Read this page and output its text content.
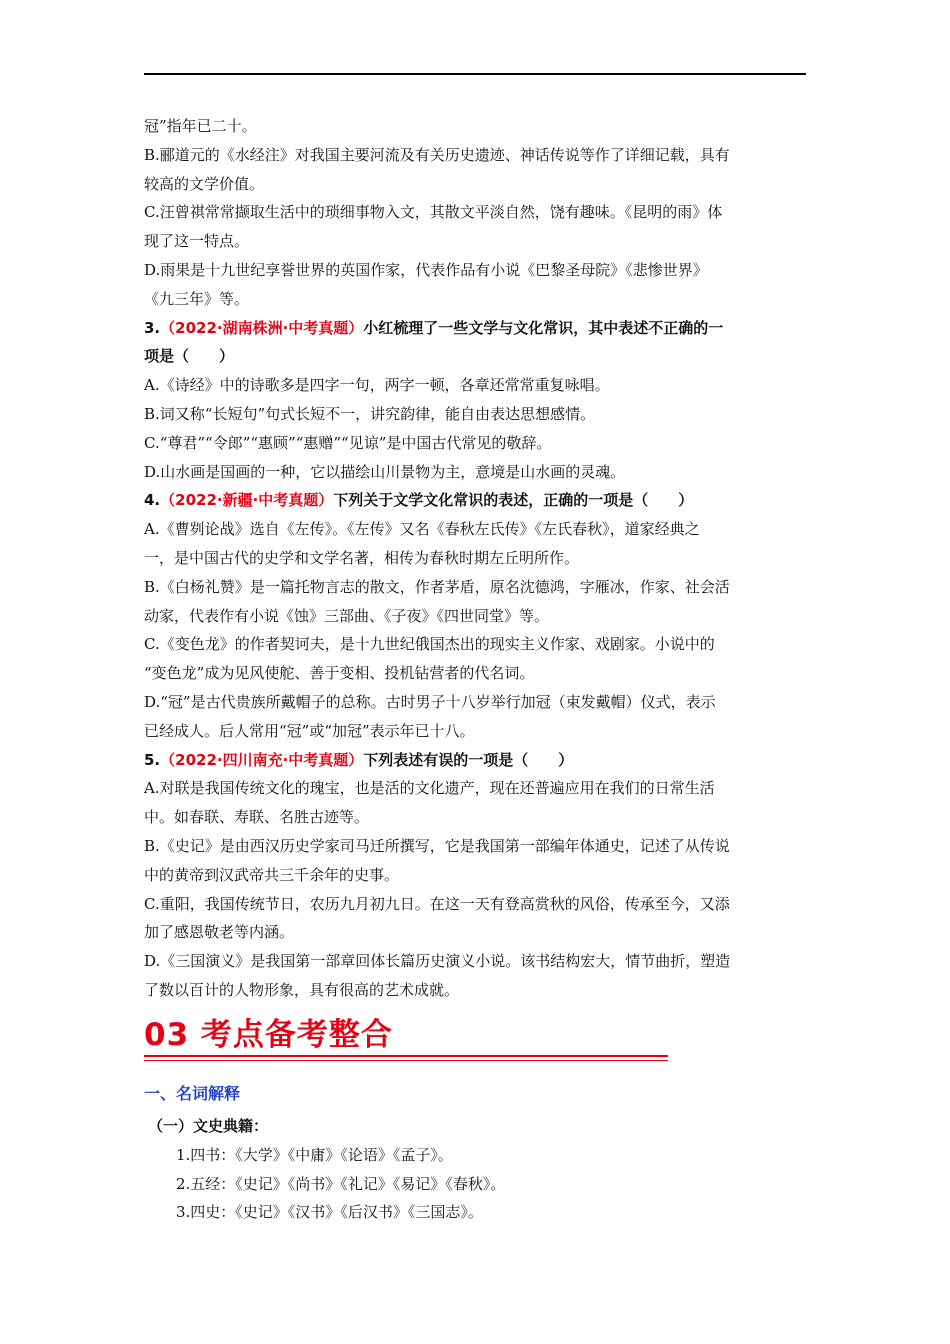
冠”指年已二十。
B.郦道元的《水经注》对我国主要河流及有关历史遗迹、神话传说等作了详细记载，具有
较高的文学价值。
C.汪曾祺常常撷取生活中的琐细事物入文，其散文平淡自然，饶有趣味。《昆明的雨》体
现了这一特点。
D.雨果是十九世纪享誉世界的英国作家，代表作品有小说《巴黎圣母院》《悲惨世界》
《九三年》等。
3.（2022·湖南株洲·中考真题）小红梳理了一些文学与文化常识，其中表述不正确的一
项是（　　）
A.《诗经》中的诗歌多是四字一句，两字一顿，各章还常常重复咏唱。
B.词又称“长短句”句式长短不一，讲究韵律，能自由表达思想感情。
C.“尊君”“令郎”“惠顾”“惠赠”“见谅”是中国古代常见的敬辞。
D.山水画是国画的一种，它以描绘山川景物为主，意境是山水画的灵魂。
4.（2022·新疆·中考真题）下列关于文学文化常识的表述，正确的一项是（　　）
A.《曹刿论战》选自《左传》。《左传》又名《春秋左氏传》《左氏春秋》，道家经典之
一，是中国古代的史学和文学名著，相传为春秋时期左丘明所作。
B.《白杨礼赞》是一篇托物言志的散文，作者茅盾，原名沈德鸿，字雁冰，作家、社会活
动家，代表作有小说《蚀》三部曲、《子夜》《四世同堂》等。
C.《变色龙》的作者契诃夫，是十九世纪俄国杰出的现实主义作家、戏剧家。小说中的
“变色龙”成为见风使舵、善于变相、投机钻营者的代名词。
D.“冠”是古代贵族所戴帽子的总称。古时男子十八岁举行加冠（束发戴帽）仪式，表示
已经成人。后人常用“冠”或“加冠”表示年已十八。
5.（2022·四川南充·中考真题）下列表述有误的一项是（　　）
A.对联是我国传统文化的瑰宝，也是活的文化遗产，现在还普遍应用在我们的日常生活
中。如春联、寿联、名胜古迹等。
B.《史记》是由西汉历史学家司马迁所撰写，它是我国第一部编年体通史，记述了从传说
中的黄帝到汉武帝共三千余年的史事。
C.重阳，我国传统节日，农历九月初九日。在这一天有登高赏秋的风俗，传承至今，又添
加了感恩敬老等内涵。
D.《三国演义》是我国第一部章回体长篇历史演义小说。该书结构宏大，情节曲折，塑造
了数以百计的人物形象，具有很高的艺术成就。
03 考点备考整合
一、名词解释
（一）文史典籍：
1.四书：《大学》《中庸》《论语》《孟子》。
2.五经：《史记》《尚书》《礼记》《易记》《春秋》。
3.四史：《史记》《汉书》《后汉书》《三国志》。
